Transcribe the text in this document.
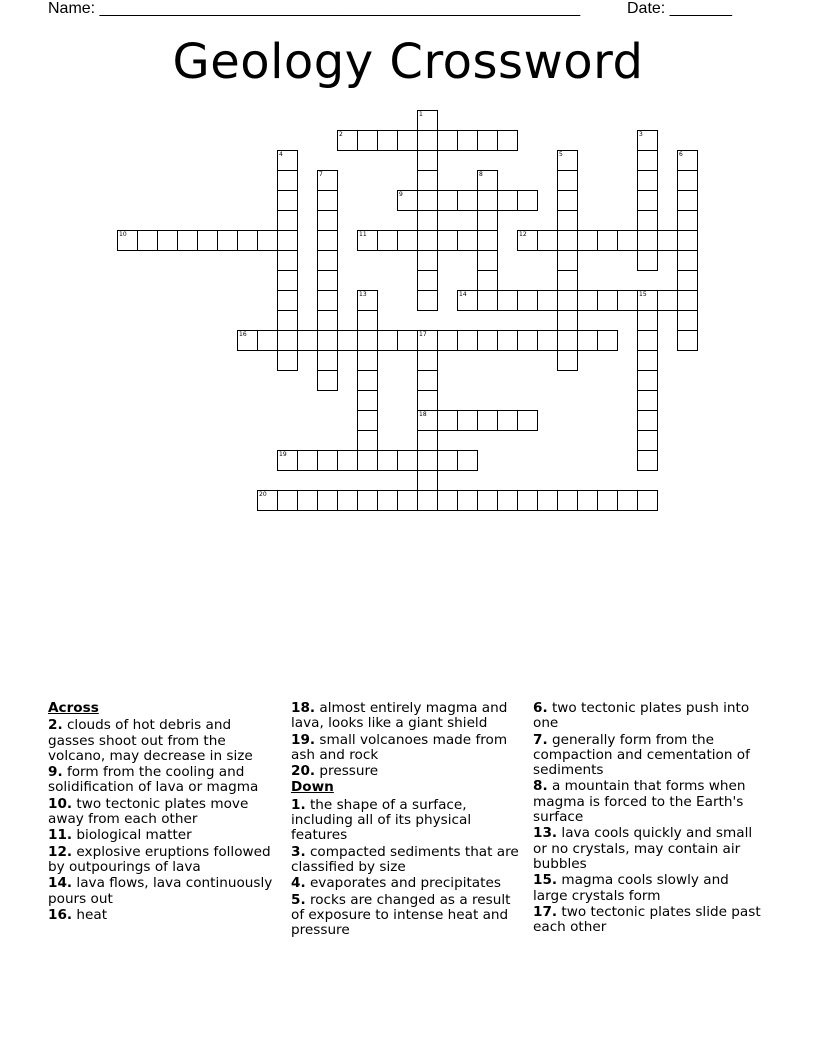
Name: ______________________________________________________	Date: _______
Geology Crossword
1
2	3
4	5	6
7	8
9
10	11	12
13	14	15
16	17
18
19
20
Across
2. clouds of hot debris and gasses shoot out from the volcano, may decrease in size
9. form from the cooling and solidification of lava or magma
10. two tectonic plates move away from each other
11. biological matter
12. explosive eruptions followed by outpourings of lava
14. lava flows, lava continuously pours out
16. heat
18. almost entirely magma and lava, looks like a giant shield
19. small volcanoes made from ash and rock
20. pressure
Down
1. the shape of a surface, including all of its physical features
3. compacted sediments that are classified by size
4. evaporates and precipitates
5. rocks are changed as a result of exposure to intense heat and pressure
6. two tectonic plates push into one
7. generally form from the compaction and cementation of sediments
8. a mountain that forms when magma is forced to the Earth's surface
13. lava cools quickly and small or no crystals, may contain air bubbles
15. magma cools slowly and large crystals form
17. two tectonic plates slide past each other
